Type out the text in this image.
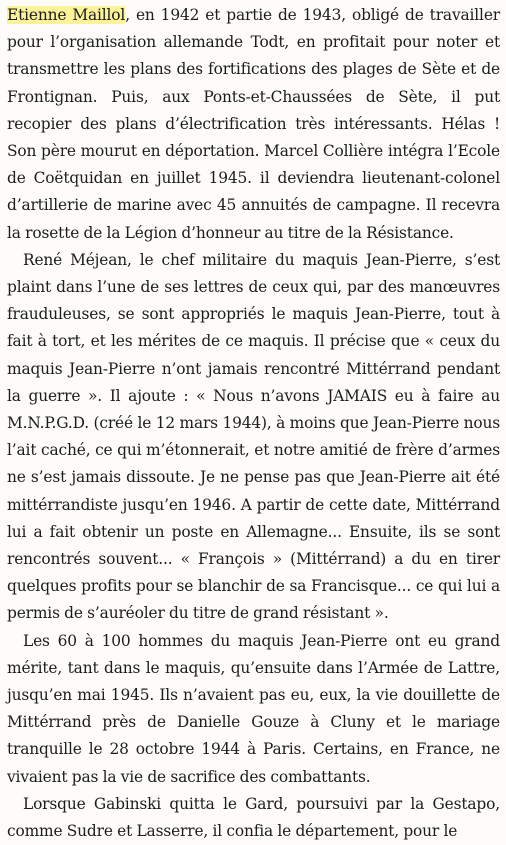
Etienne Maillol, en 1942 et partie de 1943, obligé de travailler pour l’organisation allemande Todt, en profitait pour noter et transmettre les plans des fortifications des plages de Sète et de Frontignan. Puis, aux Ponts-et-Chaussées de Sète, il put recopier des plans d’électrification très intéressants. Hélas ! Son père mourut en déportation. Marcel Collière intégra l’Ecole de Coëtquidan en juillet 1945. il deviendra lieutenant-colonel d’artillerie de marine avec 45 annuités de campagne. Il recevra la rosette de la Légion d’honneur au titre de la Résistance.

René Méjean, le chef militaire du maquis Jean-Pierre, s’est plaint dans l’une de ses lettres de ceux qui, par des manœuvres frauduleuses, se sont appropriés le maquis Jean-Pierre, tout à fait à tort, et les mérites de ce maquis. Il précise que « ceux du maquis Jean-Pierre n’ont jamais rencontré Mittérrand pendant la guerre ». Il ajoute : « Nous n’avons JAMAIS eu à faire au M.N.P.G.D. (créé le 12 mars 1944), à moins que Jean-Pierre nous l’ait caché, ce qui m’étonnerait, et notre amitié de frère d’armes ne s’est jamais dissoute. Je ne pense pas que Jean-Pierre ait été mittérrandiste jusqu’en 1946. A partir de cette date, Mittérrand lui a fait obtenir un poste en Allemagne... Ensuite, ils se sont rencontrés souvent... « François » (Mittérrand) a du en tirer quelques profits pour se blanchir de sa Francisque... ce qui lui a permis de s’auréoler du titre de grand résistant ».

Les 60 à 100 hommes du maquis Jean-Pierre ont eu grand mérite, tant dans le maquis, qu’ensuite dans l’Armée de Lattre, jusqu’en mai 1945. Ils n’avaient pas eu, eux, la vie douillette de Mittérrand près de Danielle Gouze à Cluny et le mariage tranquille le 28 octobre 1944 à Paris. Certains, en France, ne vivaient pas la vie de sacrifice des combattants.

Lorsque Gabinski quitta le Gard, poursuivi par la Gestapo, comme Sudre et Lasserre, il confia le département, pour le
